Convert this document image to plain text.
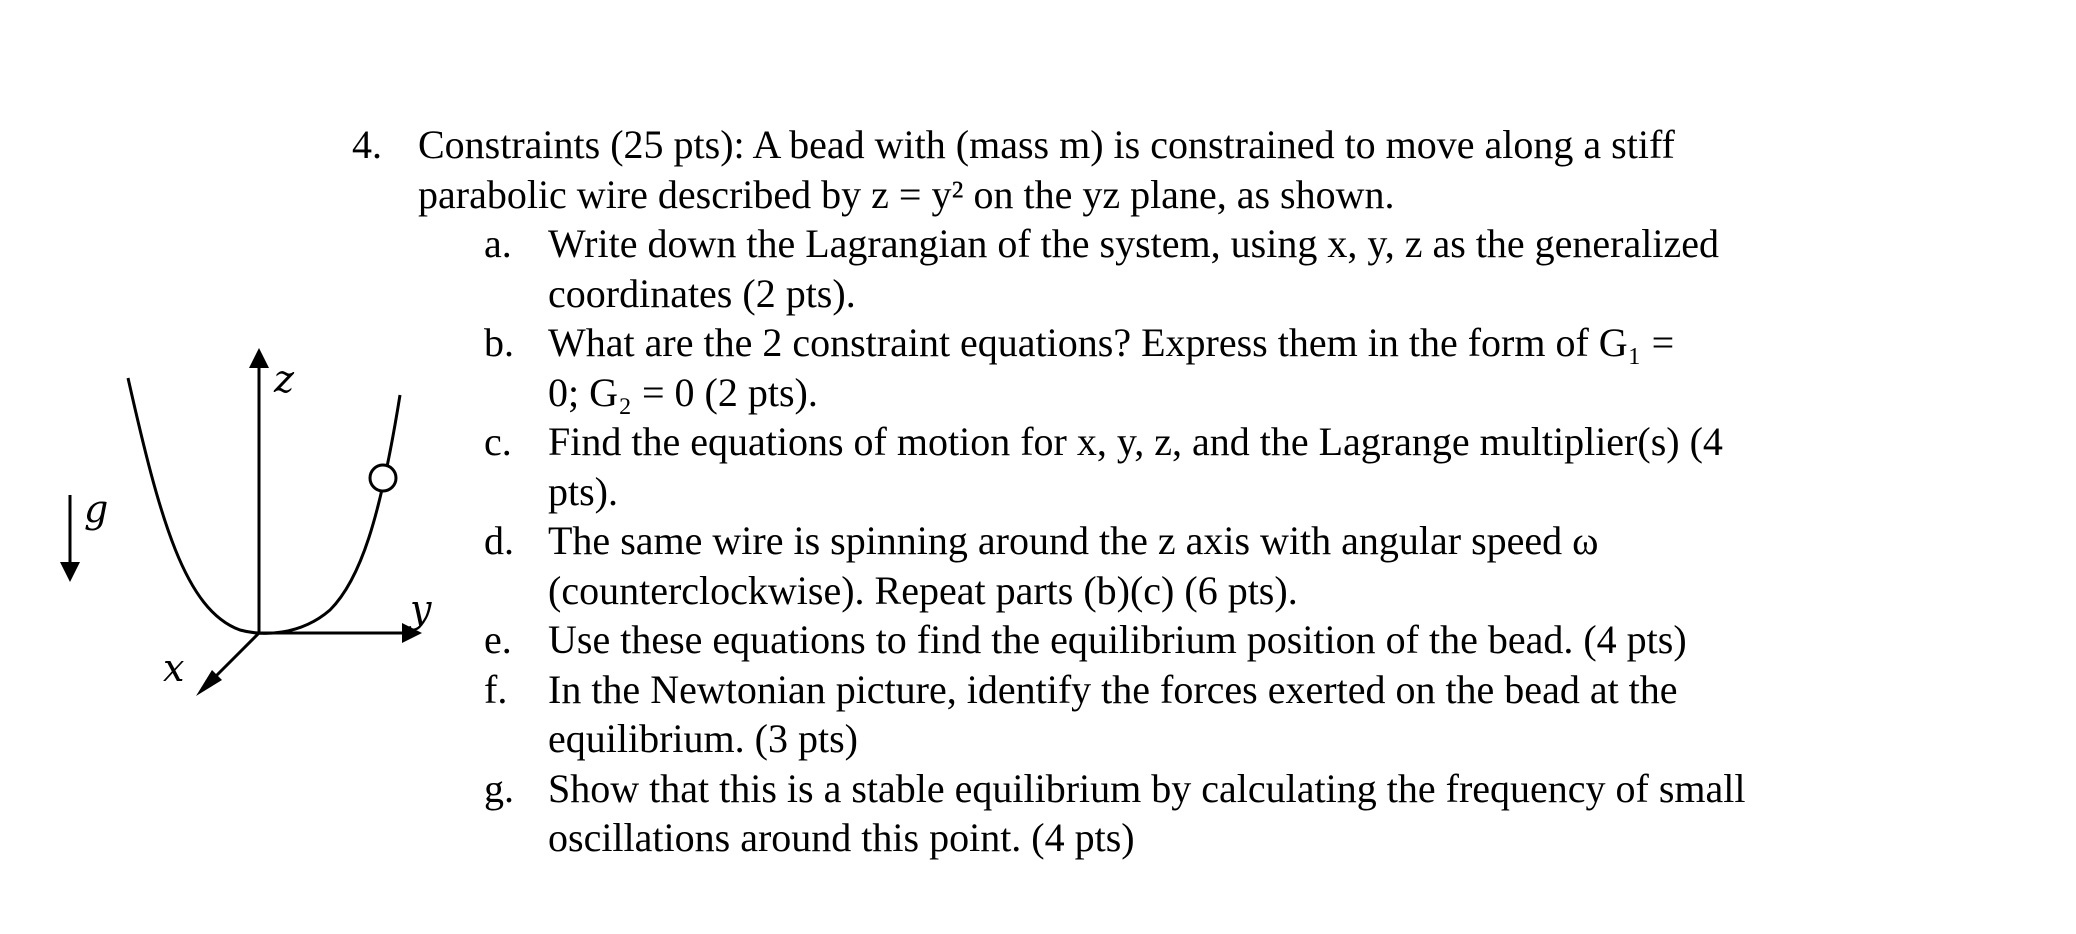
g
z
y
x
4. Constraints (25 pts): A bead with (mass m) is constrained to move along a stiff
parabolic wire described by z = y² on the yz plane, as shown.
a. Write down the Lagrangian of the system, using x, y, z as the generalized
coordinates (2 pts).
b. What are the 2 constraint equations? Express them in the form of G₁ =
0; G₂ = 0 (2 pts).
c. Find the equations of motion for x, y, z, and the Lagrange multiplier(s) (4
pts).
d. The same wire is spinning around the z axis with angular speed ω
(counterclockwise). Repeat parts (b)(c) (6 pts).
e. Use these equations to find the equilibrium position of the bead. (4 pts)
f. In the Newtonian picture, identify the forces exerted on the bead at the
equilibrium. (3 pts)
g. Show that this is a stable equilibrium by calculating the frequency of small
oscillations around this point. (4 pts)
